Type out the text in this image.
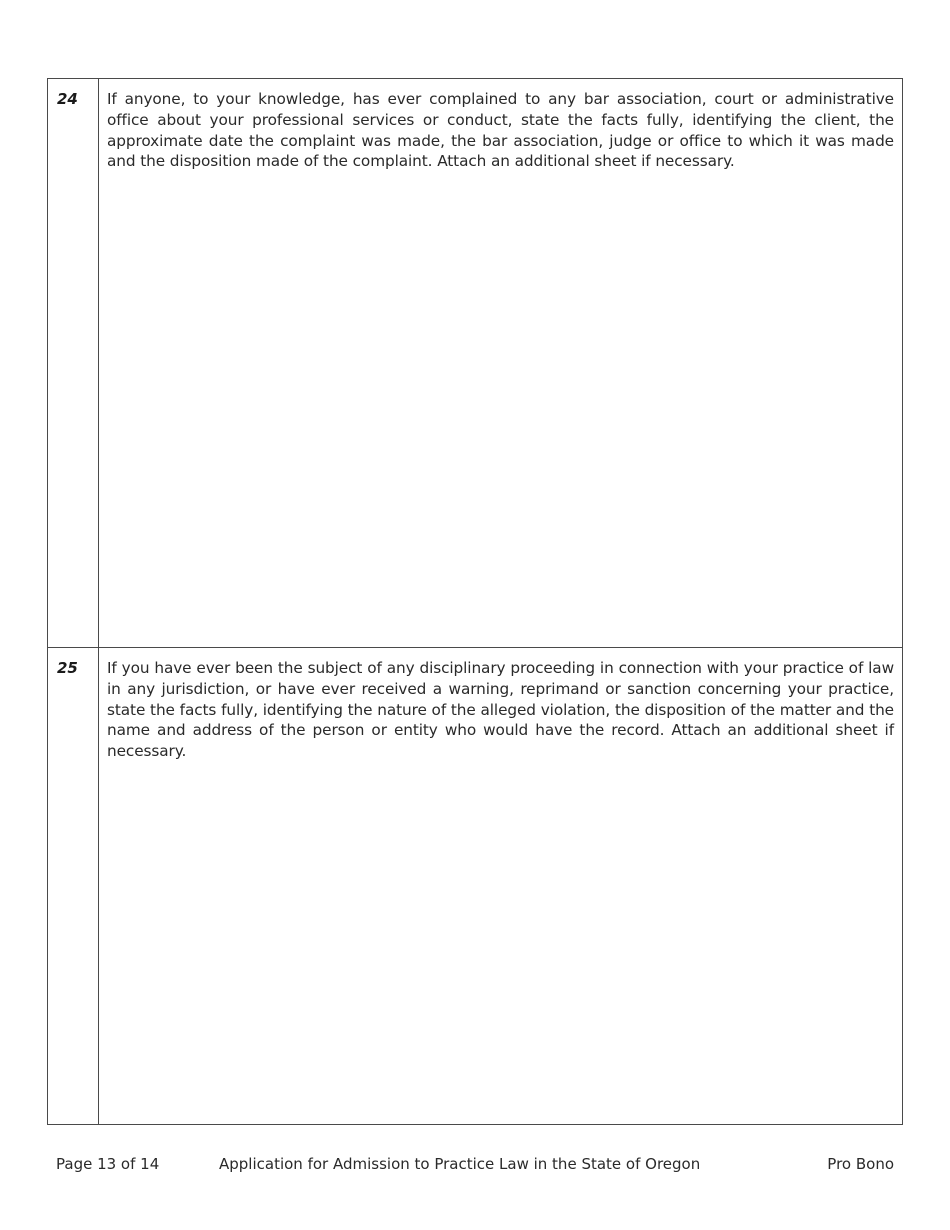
24 If anyone, to your knowledge, has ever complained to any bar association, court or administrative office about your professional services or conduct, state the facts fully, identifying the client, the approximate date the complaint was made, the bar association, judge or office to which it was made and the disposition made of the complaint. Attach an additional sheet if necessary.
25 If you have ever been the subject of any disciplinary proceeding in connection with your practice of law in any jurisdiction, or have ever received a warning, reprimand or sanction concerning your practice, state the facts fully, identifying the nature of the alleged violation, the disposition of the matter and the name and address of the person or entity who would have the record. Attach an additional sheet if necessary.
Page 13 of 14	Application for Admission to Practice Law in the State of Oregon	Pro Bono
